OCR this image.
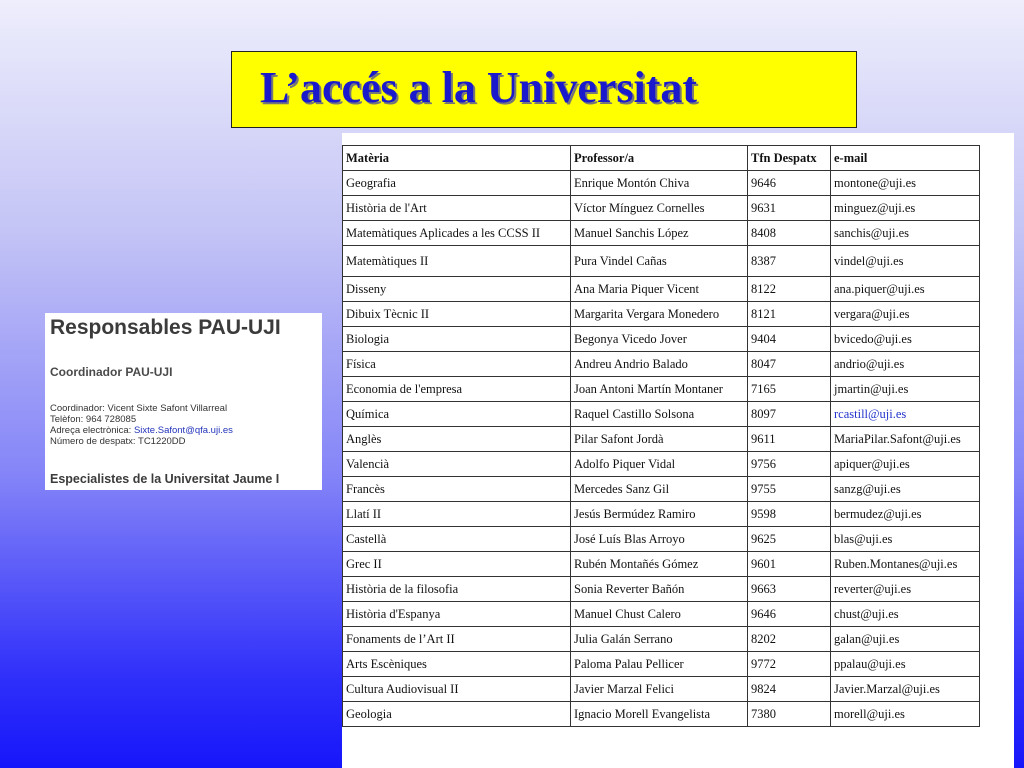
L’accés a la Universitat
Responsables PAU-UJI
Coordinador PAU-UJI
Coordinador: Vicent Sixte Safont Villarreal
Telèfon: 964 728085
Adreça electrònica: Sixte.Safont@qfa.uji.es
Número de despatx: TC1220DD
Especialistes de la Universitat Jaume I
Matèria	Professor/a	Tfn Despatx	e-mail
Geografia	Enrique Montón Chiva	9646	montone@uji.es
Història de l'Art	Víctor Mínguez Cornelles	9631	minguez@uji.es
Matemàtiques Aplicades a les CCSS II	Manuel Sanchis López	8408	sanchis@uji.es
Matemàtiques II	Pura Vindel Cañas	8387	vindel@uji.es
Disseny	Ana Maria Piquer Vicent	8122	ana.piquer@uji.es
Dibuix Tècnic II	Margarita Vergara Monedero	8121	vergara@uji.es
Biologia	Begonya Vicedo Jover	9404	bvicedo@uji.es
Física	Andreu Andrio Balado	8047	andrio@uji.es
Economia de l'empresa	Joan Antoni Martín Montaner	7165	jmartin@uji.es
Química	Raquel Castillo Solsona	8097	rcastill@uji.es
Anglès	Pilar Safont Jordà	9611	MariaPilar.Safont@uji.es
Valencià	Adolfo Piquer Vidal	9756	apiquer@uji.es
Francès	Mercedes Sanz Gil	9755	sanzg@uji.es
Llatí II	Jesús Bermúdez Ramiro	9598	bermudez@uji.es
Castellà	José Luís Blas Arroyo	9625	blas@uji.es
Grec II	Rubén Montañés Gómez	9601	Ruben.Montanes@uji.es
Història de la filosofia	Sonia Reverter Bañón	9663	reverter@uji.es
Història d'Espanya	Manuel Chust Calero	9646	chust@uji.es
Fonaments de l’Art II	Julia Galán Serrano	8202	galan@uji.es
Arts Escèniques	Paloma Palau Pellicer	9772	ppalau@uji.es
Cultura Audiovisual II	Javier Marzal Felici	9824	Javier.Marzal@uji.es
Geologia	Ignacio Morell Evangelista	7380	morell@uji.es
